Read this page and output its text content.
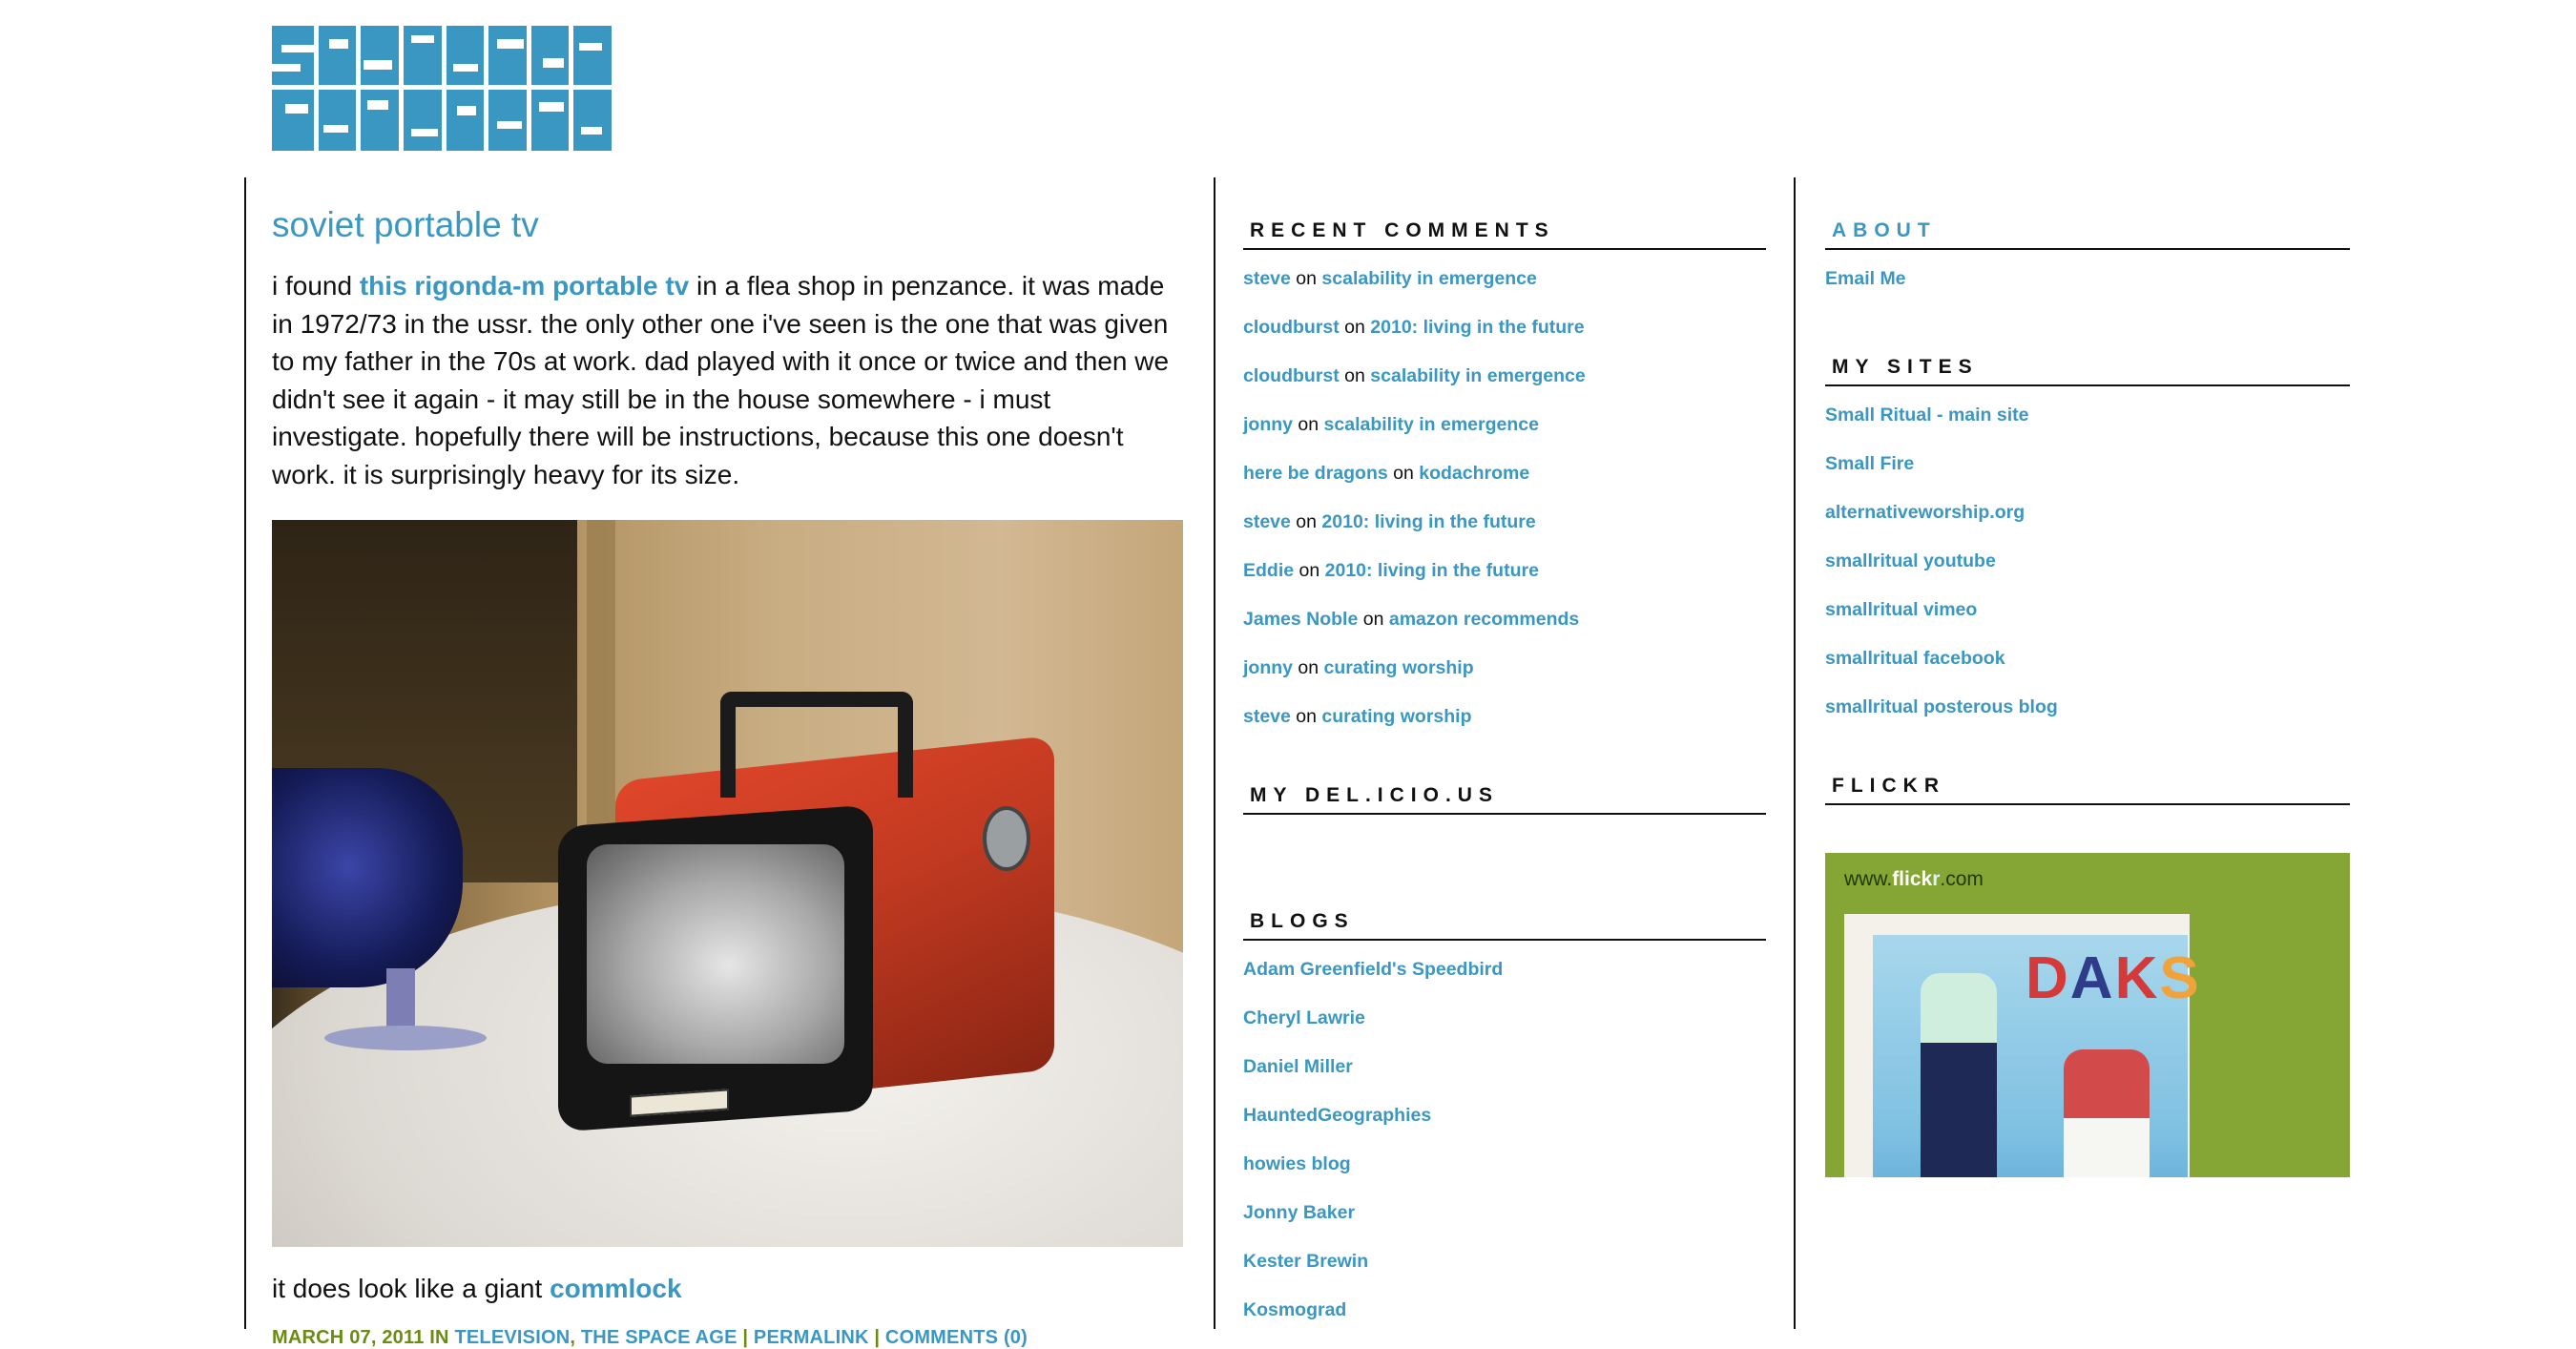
soviet portable tv

i found this rigonda-m portable tv in a flea shop in penzance. it was made in 1972/73 in the ussr. the only other one i've seen is the one that was given to my father in the 70s at work. dad played with it once or twice and then we didn't see it again - it may still be in the house somewhere - i must investigate. hopefully there will be instructions, because this one doesn't work. it is surprisingly heavy for its size.

it does look like a giant commlock

MARCH 07, 2011 IN TELEVISION, THE SPACE AGE | PERMALINK | COMMENTS (0)
RECENT COMMENTS
steve on scalability in emergence
cloudburst on 2010: living in the future
cloudburst on scalability in emergence
jonny on scalability in emergence
here be dragons on kodachrome
steve on 2010: living in the future
Eddie on 2010: living in the future
James Noble on amazon recommends
jonny on curating worship
steve on curating worship
MY DEL.ICIO.US
BLOGS
Adam Greenfield's Speedbird
Cheryl Lawrie
Daniel Miller
HauntedGeographies
howies blog
Jonny Baker
Kester Brewin
Kosmograd
ABOUT
Email Me
MY SITES
Small Ritual - main site
Small Fire
alternativeworship.org
smallritual youtube
smallritual vimeo
smallritual facebook
smallritual posterous blog
FLICKR
www.flickr.com
DAKS
